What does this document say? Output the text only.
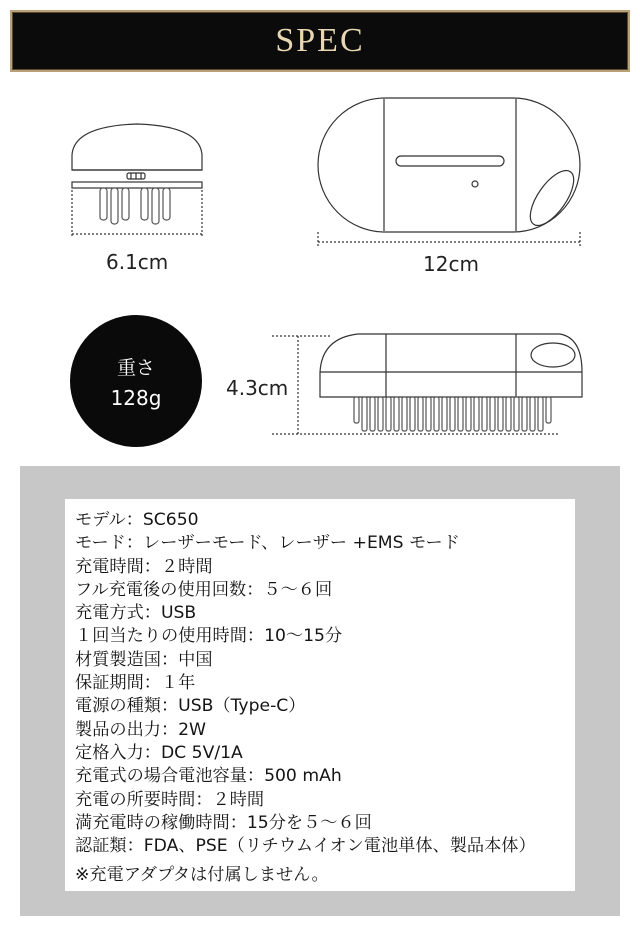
SPEC
6.1cm	12cm
4.3cm
重さ
128g
モデル：SC650
モード：レーザーモード、レーザー +EMS モード
充電時間：２時間
フル充電後の使用回数：５～６回
充電方式：USB
１回当たりの使用時間：10～15分
材質製造国：中国
保証期間：１年
電源の種類：USB（Type-C）
製品の出力：2W
定格入力：DC 5V/1A
充電式の場合電池容量：500 mAh
充電の所要時間：２時間
満充電時の稼働時間：15分を５～６回
認証類：FDA、PSE（リチウムイオン電池単体、製品本体）
※充電アダプタは付属しません。
